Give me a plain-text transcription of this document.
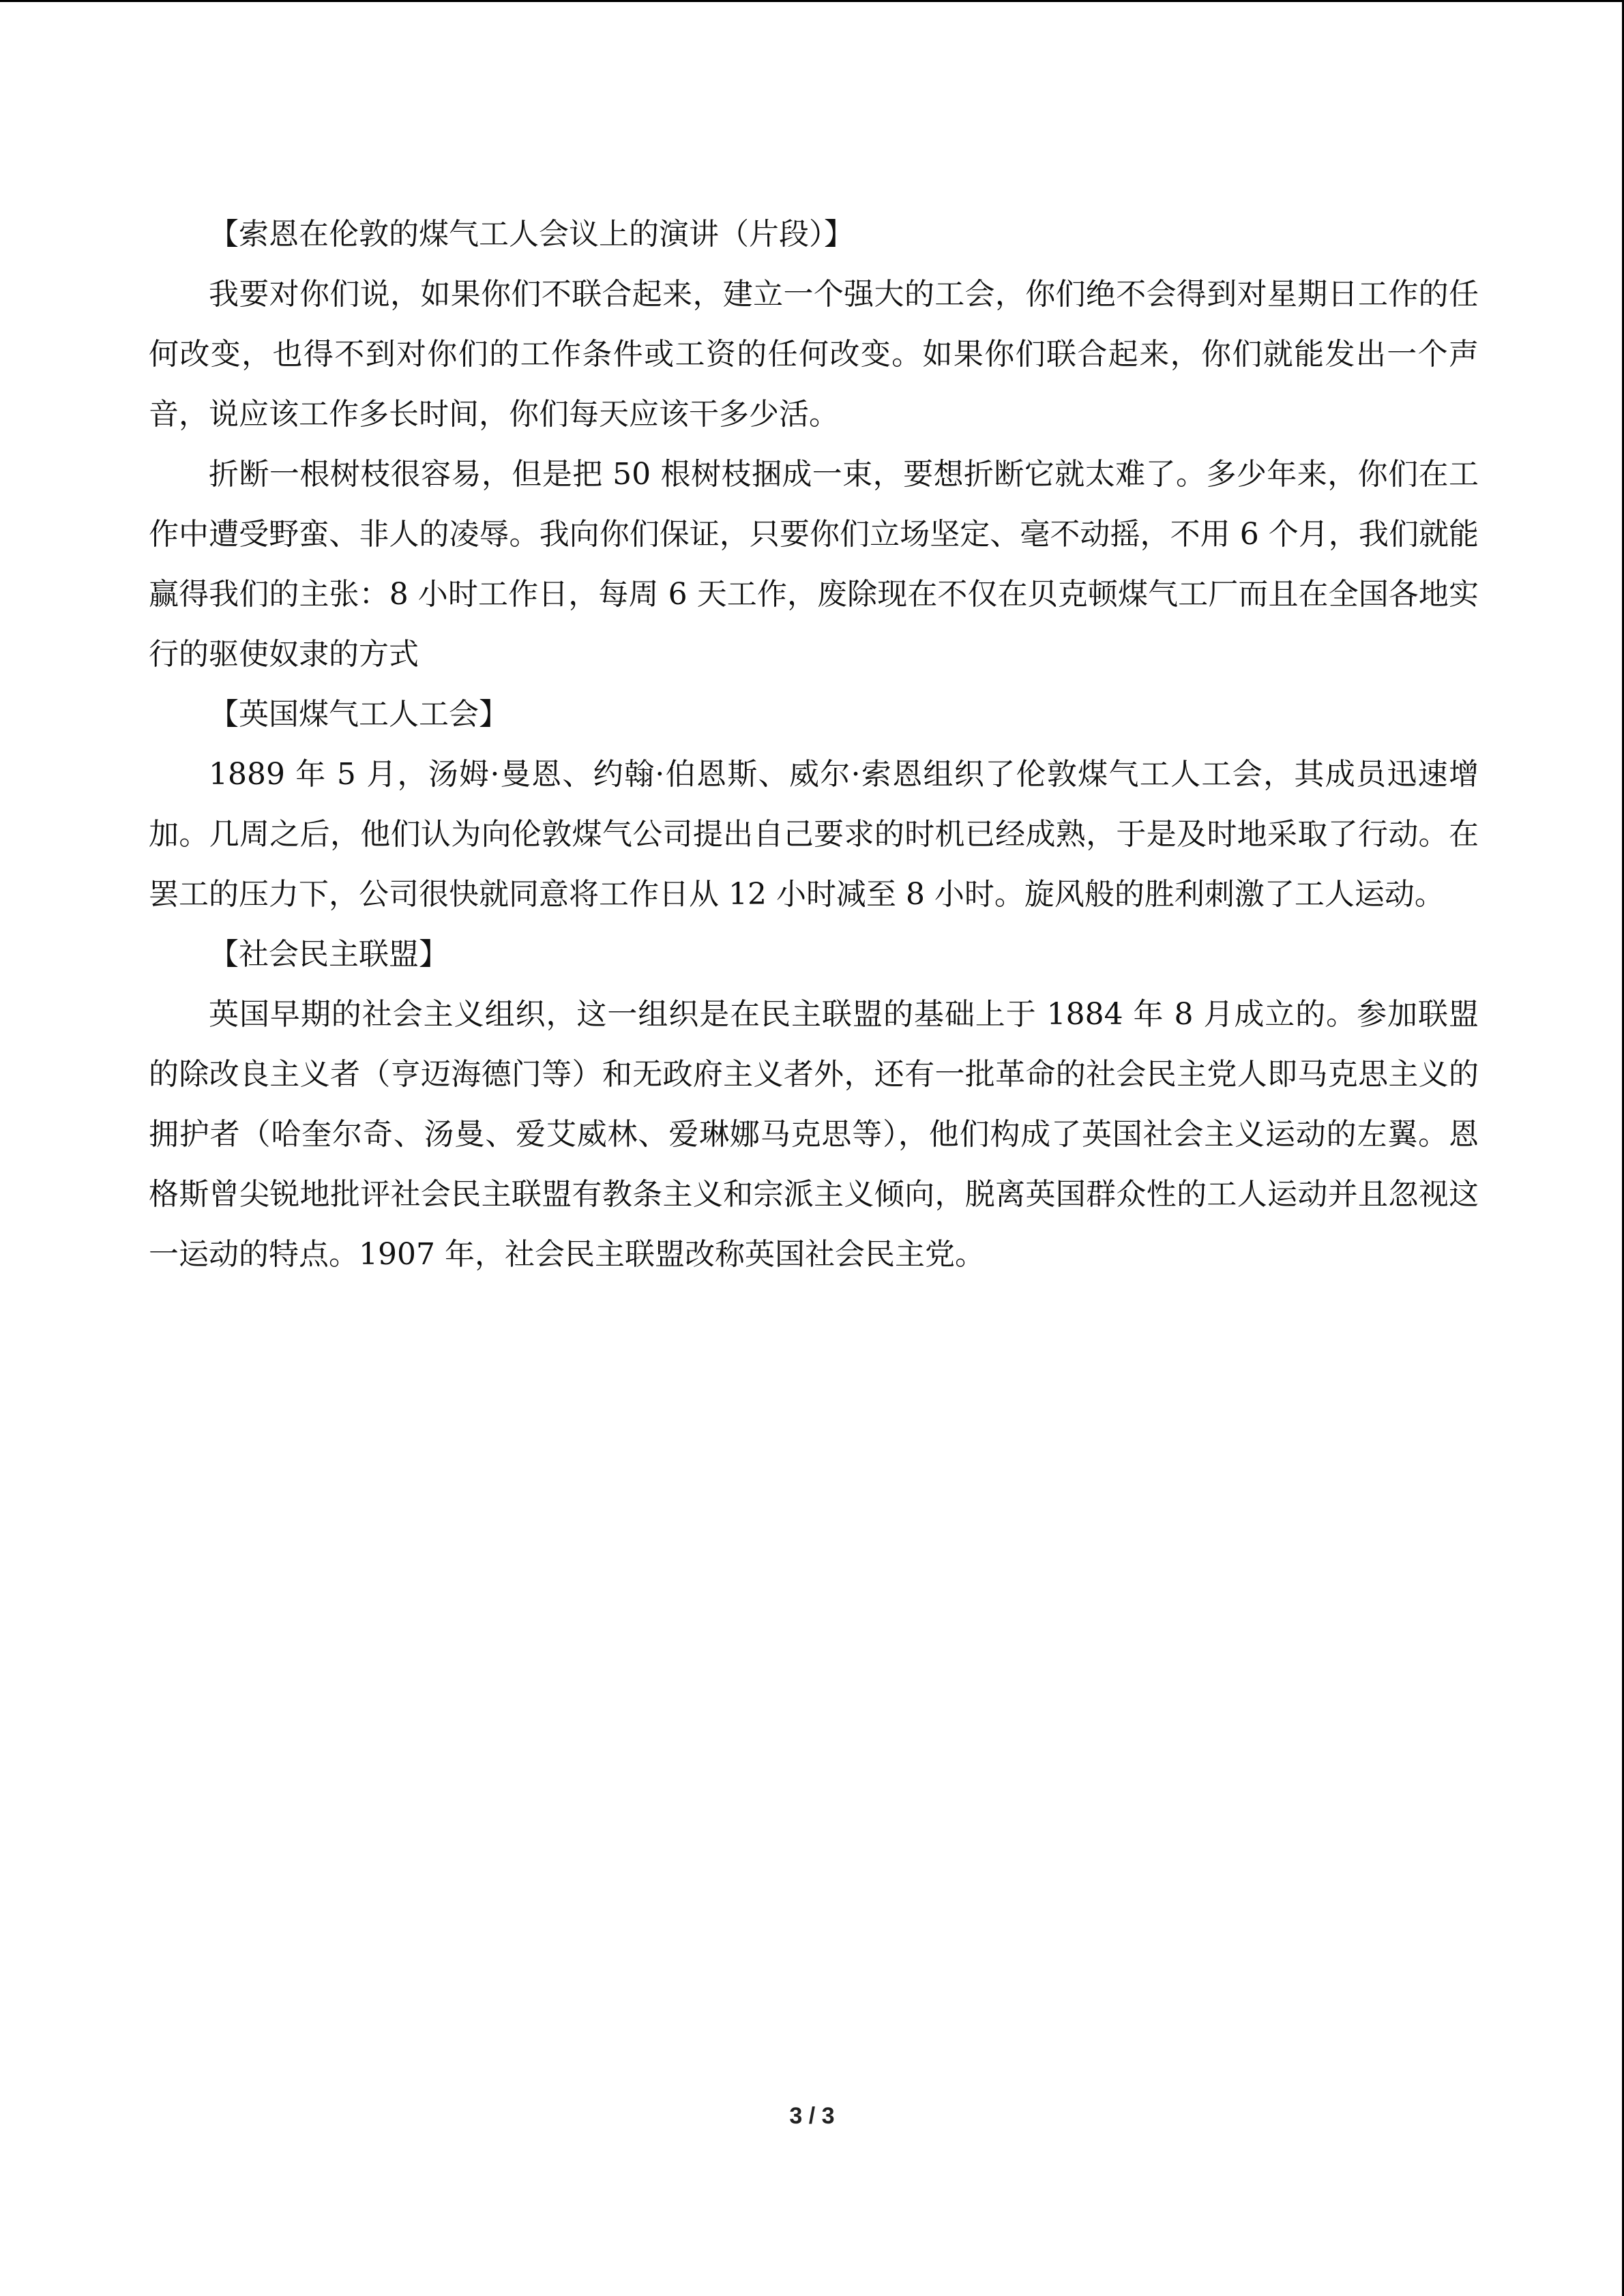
【索恩在伦敦的煤气工人会议上的演讲（片段）】

我要对你们说，如果你们不联合起来，建立一个强大的工会，你们绝不会得到对星期日工作的任何改变，也得不到对你们的工作条件或工资的任何改变。如果你们联合起来，你们就能发出一个声音，说应该工作多长时间，你们每天应该干多少活。

折断一根树枝很容易，但是把 50 根树枝捆成一束，要想折断它就太难了。多少年来，你们在工作中遭受野蛮、非人的凌辱。我向你们保证，只要你们立场坚定、毫不动摇，不用 6 个月，我们就能赢得我们的主张：8 小时工作日，每周 6 天工作，废除现在不仅在贝克顿煤气工厂而且在全国各地实行的驱使奴隶的方式

【英国煤气工人工会】

1889 年 5 月，汤姆·曼恩、约翰·伯恩斯、威尔·索恩组织了伦敦煤气工人工会，其成员迅速增加。几周之后，他们认为向伦敦煤气公司提出自己要求的时机已经成熟，于是及时地采取了行动。在罢工的压力下，公司很快就同意将工作日从 12 小时减至 8 小时。旋风般的胜利刺激了工人运动。

【社会民主联盟】

英国早期的社会主义组织，这一组织是在民主联盟的基础上于 1884 年 8 月成立的。参加联盟的除改良主义者（亨迈海德门等）和无政府主义者外，还有一批革命的社会民主党人即马克思主义的拥护者（哈奎尔奇、汤曼、爱艾威林、爱琳娜马克思等），他们构成了英国社会主义运动的左翼。恩格斯曾尖锐地批评社会民主联盟有教条主义和宗派主义倾向，脱离英国群众性的工人运动并且忽视这一运动的特点。1907 年，社会民主联盟改称英国社会民主党。

3 / 3
